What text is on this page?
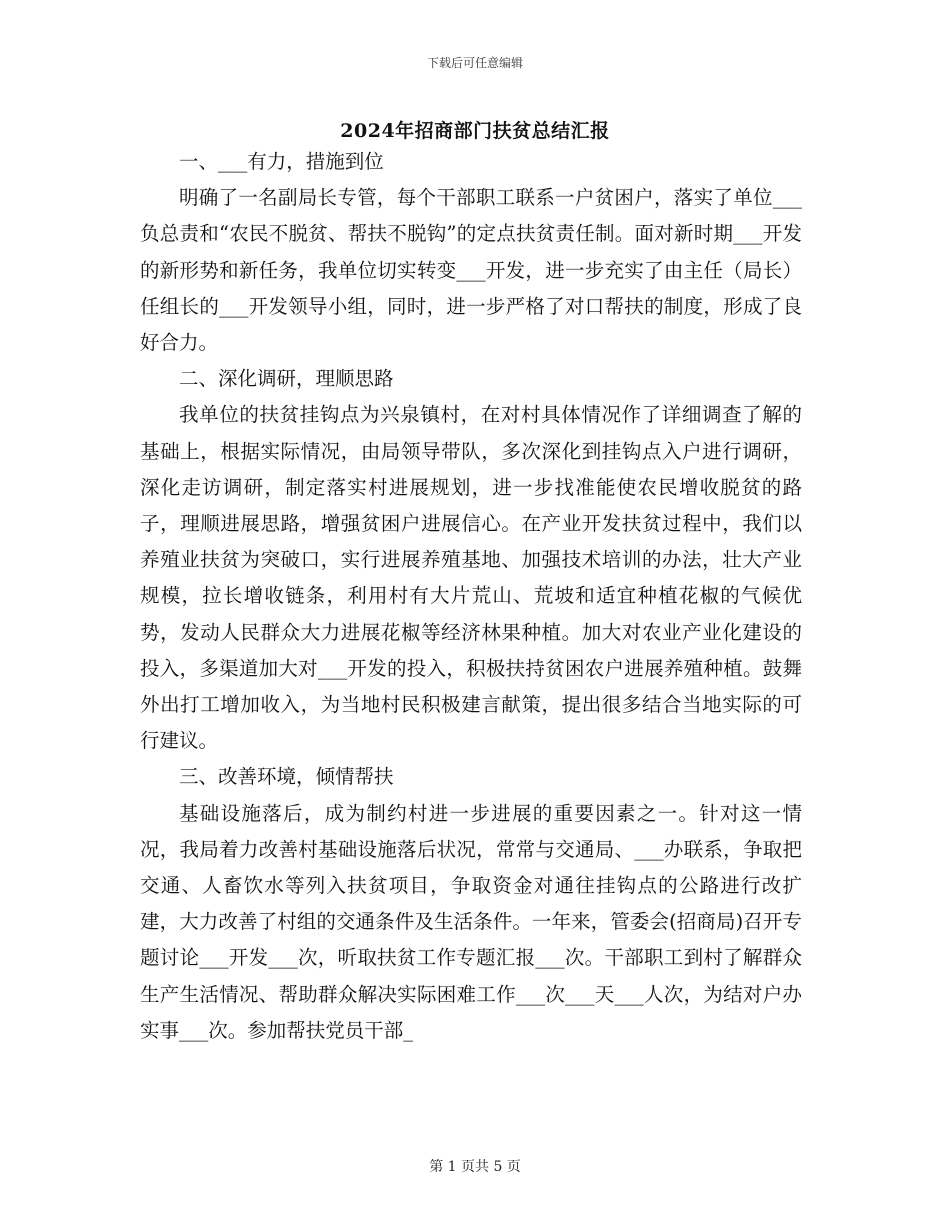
下载后可任意编辑
2024年招商部门扶贫总结汇报

一、___有力，措施到位

明确了一名副局长专管，每个干部职工联系一户贫困户，落实了单位___负总责和“农民不脱贫、帮扶不脱钩”的定点扶贫责任制。面对新时期___开发的新形势和新任务，我单位切实转变___开发，进一步充实了由主任（局长）任组长的___开发领导小组，同时，进一步严格了对口帮扶的制度，形成了良好合力。

二、深化调研，理顺思路

我单位的扶贫挂钩点为兴泉镇村，在对村具体情况作了详细调查了解的基础上，根据实际情况，由局领导带队，多次深化到挂钩点入户进行调研，深化走访调研，制定落实村进展规划，进一步找准能使农民增收脱贫的路子，理顺进展思路，增强贫困户进展信心。在产业开发扶贫过程中，我们以养殖业扶贫为突破口，实行进展养殖基地、加强技术培训的办法，壮大产业规模，拉长增收链条，利用村有大片荒山、荒坡和适宜种植花椒的气候优势，发动人民群众大力进展花椒等经济林果种植。加大对农业产业化建设的投入，多渠道加大对___开发的投入，积极扶持贫困农户进展养殖种植。鼓舞外出打工增加收入，为当地村民积极建言献策，提出很多结合当地实际的可行建议。

三、改善环境，倾情帮扶

基础设施落后，成为制约村进一步进展的重要因素之一。针对这一情况，我局着力改善村基础设施落后状况，常常与交通局、___办联系，争取把交通、人畜饮水等列入扶贫项目，争取资金对通往挂钩点的公路进行改扩建，大力改善了村组的交通条件及生活条件。一年来，管委会(招商局)召开专题讨论___开发___次，听取扶贫工作专题汇报___次。干部职工到村了解群众生产生活情况、帮助群众解决实际困难工作___次___天___人次，为结对户办实事___次。参加帮扶党员干部_

第 1 页共 5 页
